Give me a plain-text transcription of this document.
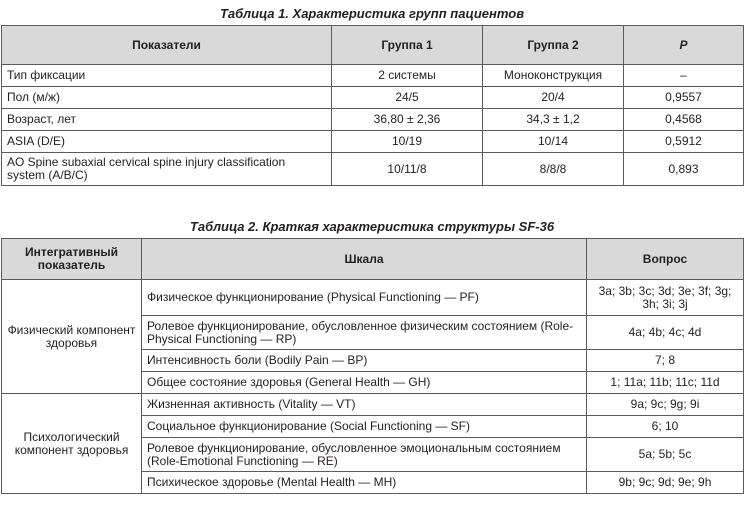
Таблица 1. Характеристика групп пациентов
Показатели	Группа 1	Группа 2	P
Тип фиксации	2 системы	Моноконструкция	–
Пол (м/ж)	24/5	20/4	0,9557
Возраст, лет	36,80 ± 2,36	34,3 ± 1,2	0,4568
ASIA (D/E)	10/19	10/14	0,5912
AO Spine subaxial cervical spine injury classification system (A/B/C)	10/11/8	8/8/8	0,893
Таблица 2. Краткая характеристика структуры SF-36
Интегративный показатель	Шкала	Вопрос
Физический компонент здоровья	Физическое функционирование (Physical Functioning — PF)	3a; 3b; 3c; 3d; 3e; 3f; 3g; 3h; 3i; 3j
	Ролевое функционирование, обусловленное физическим состоянием (Role-Physical Functioning — RP)	4a; 4b; 4c; 4d
	Интенсивность боли (Bodily Pain — BP)	7; 8
	Общее состояние здоровья (General Health — GH)	1; 11a; 11b; 11c; 11d
Психологический компонент здоровья	Жизненная активность (Vitality — VT)	9a; 9c; 9g; 9i
	Социальное функционирование (Social Functioning — SF)	6; 10
	Ролевое функционирование, обусловленное эмоциональным состоянием (Role-Emotional Functioning — RE)	5a; 5b; 5c
	Психическое здоровье (Mental Health — MH)	9b; 9c; 9d; 9e; 9h
